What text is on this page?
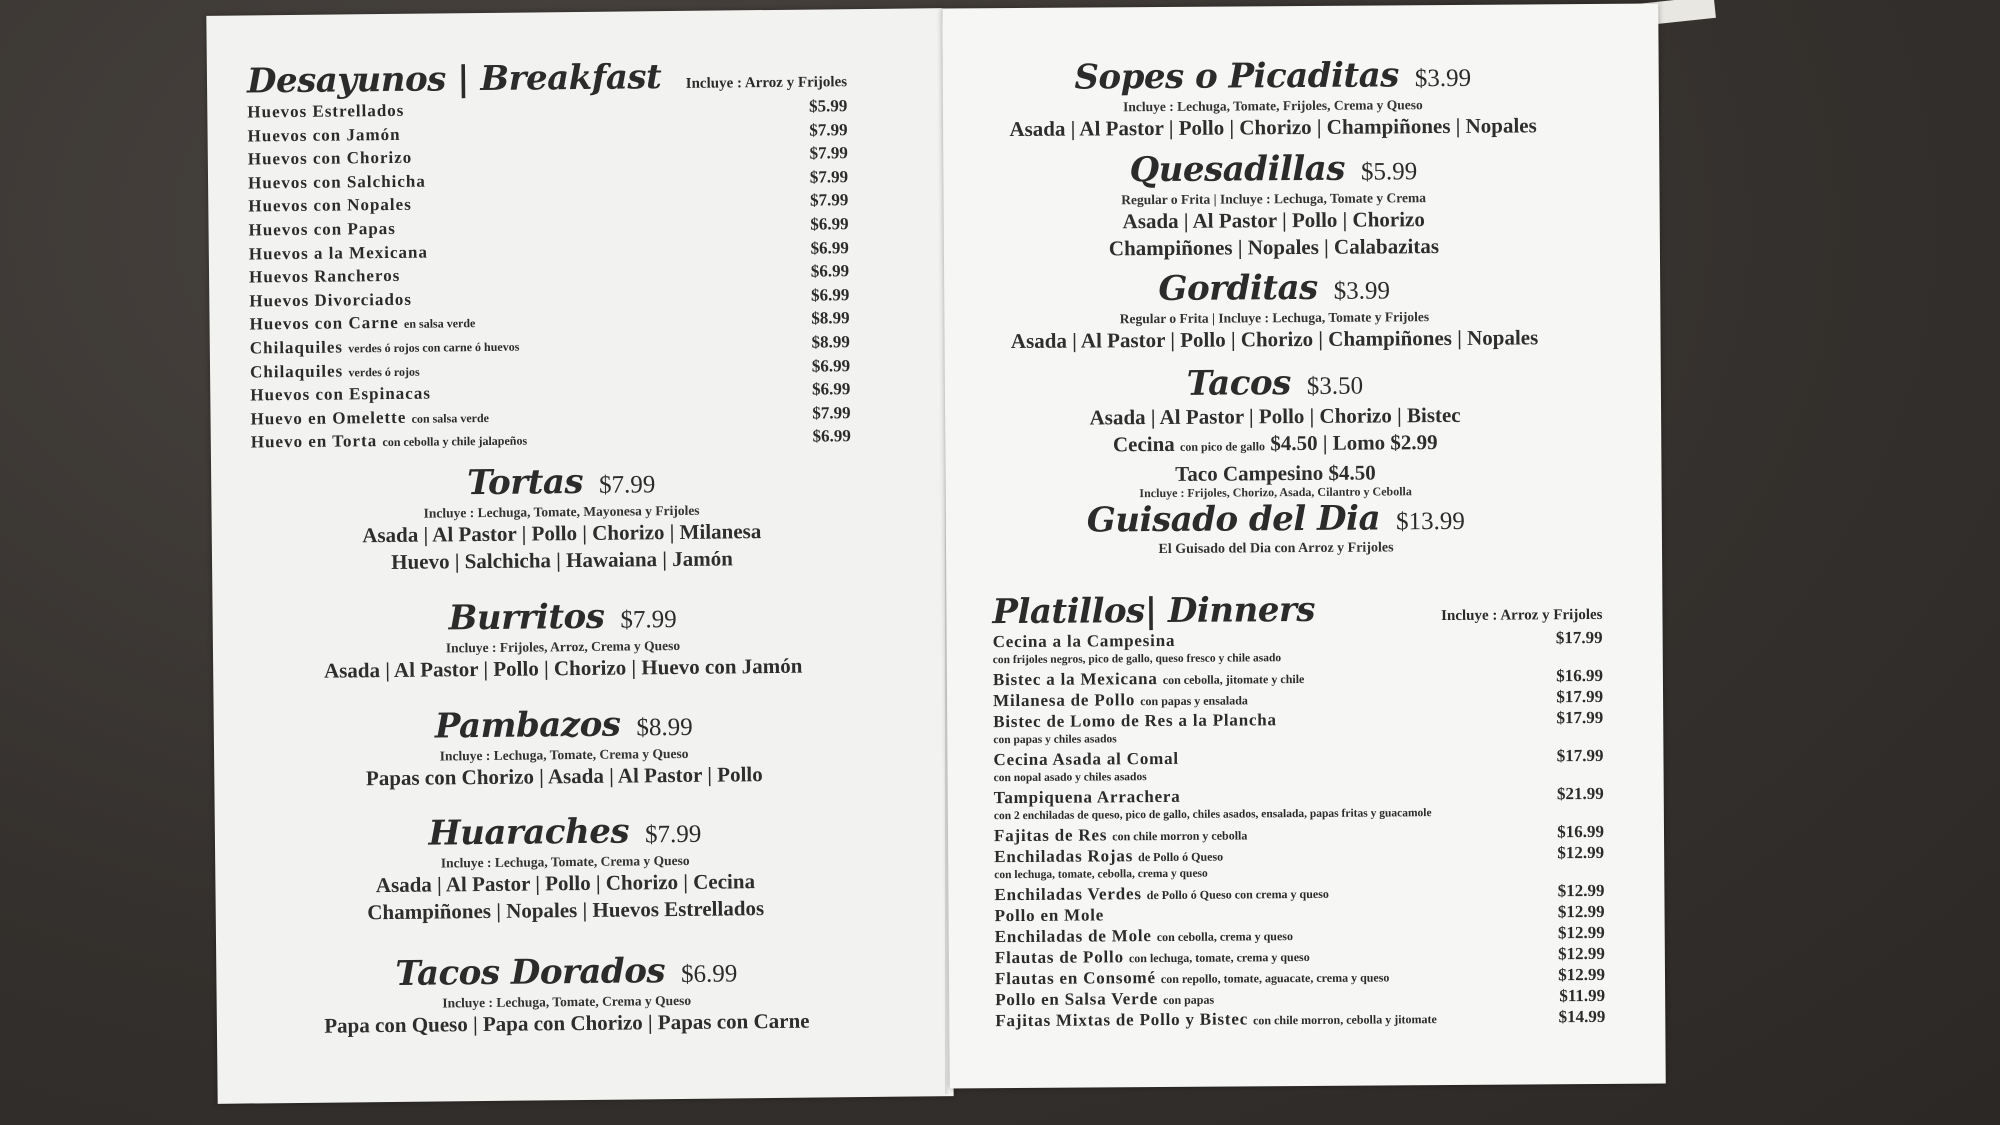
Desayunos | Breakfast Incluye : Arroz y Frijoles
Huevos Estrellados	$5.99
Huevos con Jamón	$7.99
Huevos con Chorizo	$7.99
Huevos con Salchicha	$7.99
Huevos con Nopales	$7.99
Huevos con Papas	$6.99
Huevos a la Mexicana	$6.99
Huevos Rancheros	$6.99
Huevos Divorciados	$6.99
Huevos con Carne en salsa verde	$8.99
Chilaquiles verdes ó rojos con carne ó huevos	$8.99
Chilaquiles verdes ó rojos	$6.99
Huevos con Espinacas	$6.99
Huevo en Omelette con salsa verde	$7.99
Huevo en Torta con cebolla y chile jalapeños	$6.99
Tortas $7.99
Incluye : Lechuga, Tomate, Mayonesa y Frijoles
Asada | Al Pastor | Pollo | Chorizo | Milanesa
Huevo | Salchicha | Hawaiana | Jamón
Burritos $7.99
Incluye : Frijoles, Arroz, Crema y Queso
Asada | Al Pastor | Pollo | Chorizo | Huevo con Jamón
Pambazos $8.99
Incluye : Lechuga, Tomate, Crema y Queso
Papas con Chorizo | Asada | Al Pastor | Pollo
Huaraches $7.99
Incluye : Lechuga, Tomate, Crema y Queso
Asada | Al Pastor | Pollo | Chorizo | Cecina
Champiñones | Nopales | Huevos Estrellados
Tacos Dorados $6.99
Incluye : Lechuga, Tomate, Crema y Queso
Papa con Queso | Papa con Chorizo | Papas con Carne
Sopes o Picaditas $3.99
Incluye : Lechuga, Tomate, Frijoles, Crema y Queso
Asada | Al Pastor | Pollo | Chorizo | Champiñones | Nopales
Quesadillas $5.99
Regular o Frita | Incluye : Lechuga, Tomate y Crema
Asada | Al Pastor | Pollo | Chorizo
Champiñones | Nopales | Calabazitas
Gorditas $3.99
Regular o Frita | Incluye : Lechuga, Tomate y Frijoles
Asada | Al Pastor | Pollo | Chorizo | Champiñones | Nopales
Tacos $3.50
Asada | Al Pastor | Pollo | Chorizo | Bistec
Cecina con pico de gallo $4.50 | Lomo $2.99
Taco Campesino $4.50
Incluye : Frijoles, Chorizo, Asada, Cilantro y Cebolla
Guisado del Dia $13.99
El Guisado del Dia con Arroz y Frijoles
Platillos| Dinners	Incluye : Arroz y Frijoles
Cecina a la Campesina	$17.99
con frijoles negros, pico de gallo, queso fresco y chile asado
Bistec a la Mexicana con cebolla, jitomate y chile	$16.99
Milanesa de Pollo con papas y ensalada	$17.99
Bistec de Lomo de Res a la Plancha	$17.99
con papas y chiles asados
Cecina Asada al Comal	$17.99
con nopal asado y chiles asados
Tampiquena Arrachera	$21.99
con 2 enchiladas de queso, pico de gallo, chiles asados, ensalada, papas fritas y guacamole
Fajitas de Res con chile morron y cebolla	$16.99
Enchiladas Rojas de Pollo ó Queso	$12.99
con lechuga, tomate, cebolla, crema y queso
Enchiladas Verdes de Pollo ó Queso con crema y queso	$12.99
Pollo en Mole	$12.99
Enchiladas de Mole con cebolla, crema y queso	$12.99
Flautas de Pollo con lechuga, tomate, crema y queso	$12.99
Flautas en Consomé con repollo, tomate, aguacate, crema y queso	$12.99
Pollo en Salsa Verde con papas	$11.99
Fajitas Mixtas de Pollo y Bistec con chile morron, cebolla y jitomate	$14.99
